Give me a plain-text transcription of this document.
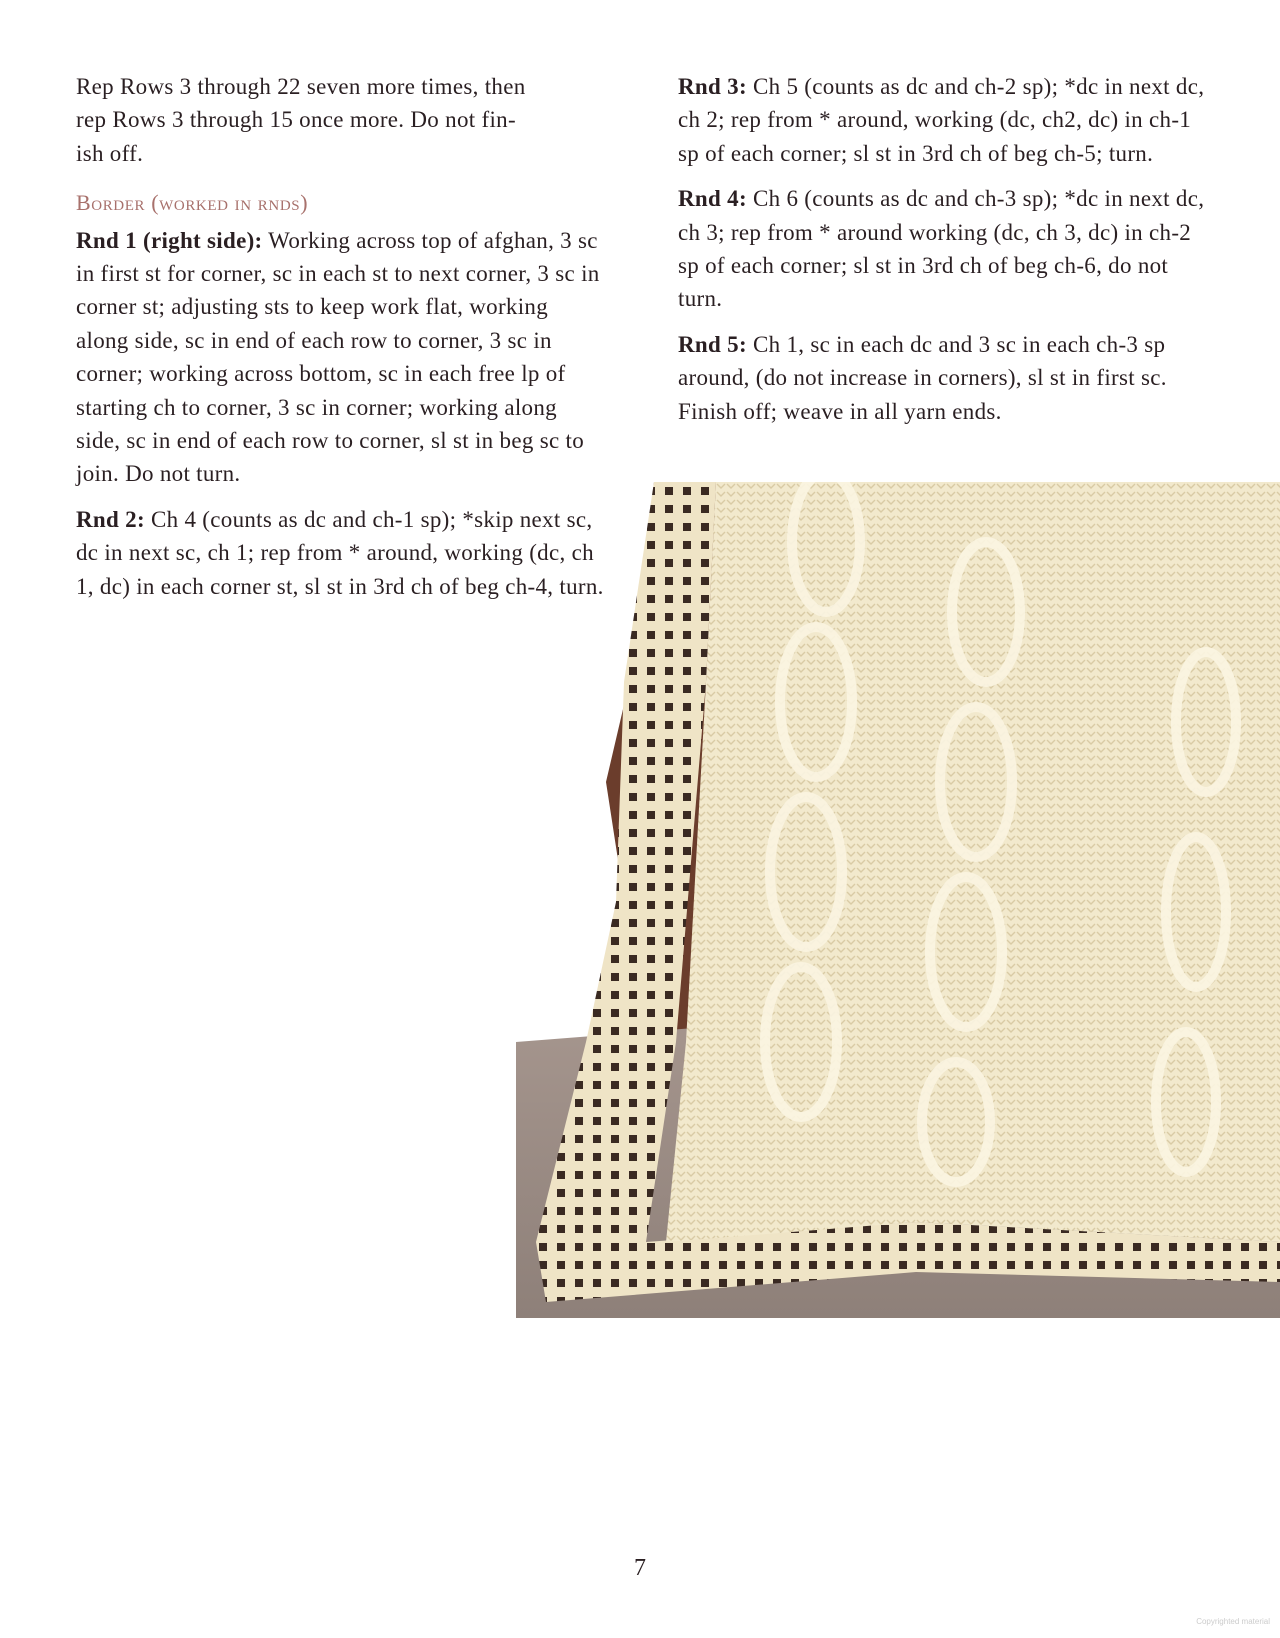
Rep Rows 3 through 22 seven more times, then
rep Rows 3 through 15 once more. Do not fin-
ish off.

Border (worked in rnds)

Rnd 1 (right side): Working across top of afghan, 3 sc in first st for corner, sc in each st to next corner, 3 sc in corner st; adjusting sts to keep work flat, working along side, sc in end of each row to corner, 3 sc in corner; working across bottom, sc in each free lp of starting ch to corner, 3 sc in corner; working along side, sc in end of each row to corner, sl st in beg sc to join. Do not turn.

Rnd 2: Ch 4 (counts as dc and ch-1 sp); *skip next sc, dc in next sc, ch 1; rep from * around, working (dc, ch 1, dc) in each corner st, sl st in 3rd ch of beg ch-4, turn.

Rnd 3: Ch 5 (counts as dc and ch-2 sp); *dc in next dc, ch 2; rep from * around, working (dc, ch2, dc) in ch-1 sp of each corner; sl st in 3rd ch of beg ch-5; turn.

Rnd 4: Ch 6 (counts as dc and ch-3 sp); *dc in next dc, ch 3; rep from * around working (dc, ch 3, dc) in ch-2 sp of each corner; sl st in 3rd ch of beg ch-6, do not turn.

Rnd 5: Ch 1, sc in each dc and 3 sc in each ch-3 sp around, (do not increase in corners), sl st in first sc. Finish off; weave in all yarn ends.

7
Copyrighted material
